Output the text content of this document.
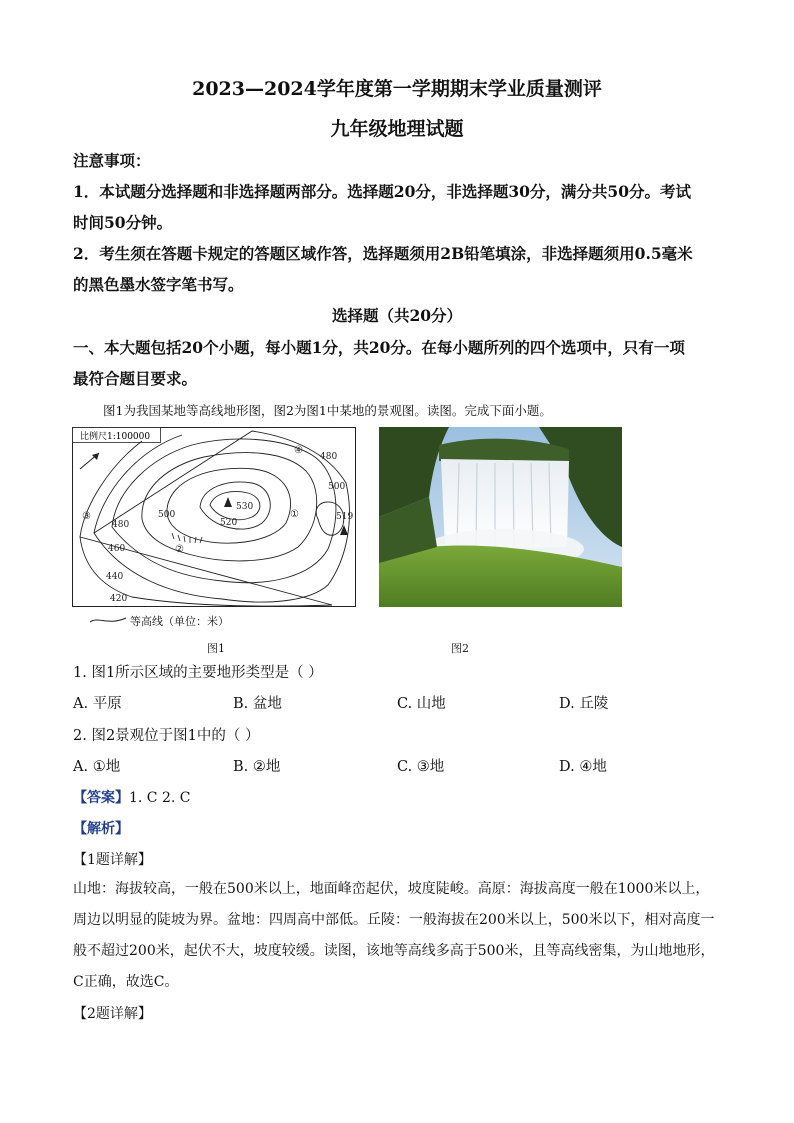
2023—2024学年度第一学期期末学业质量测评
九年级地理试题
注意事项：
1．本试题分选择题和非选择题两部分。选择题20分，非选择题30分，满分共50分。考试
时间50分钟。
2．考生须在答题卡规定的答题区域作答，选择题须用2B铅笔填涂，非选择题须用0.5毫米
的黑色墨水签字笔书写。
选择题（共20分）
一、本大题包括20个小题，每小题1分，共20分。在每小题所列的四个选项中，只有一项
最符合题目要求。
图1为我国某地等高线地形图，图2为图1中某地的景观图。读图。完成下面小题。
比例尺1:100000
530
520
500
500
480
480
460
440
420
519
①
②
③
④
等高线（单位：米）
图1	图2
1. 图1所示区域的主要地形类型是（ ）
A. 平原	B. 盆地	C. 山地	D. 丘陵
2. 图2景观位于图1中的（ ）
A. ①地	B. ②地	C. ③地	D. ④地
【答案】1. C 2. C
【解析】
【1题详解】
山地：海拔较高，一般在500米以上，地面峰峦起伏，坡度陡峻。高原：海拔高度一般在1000米以上，
周边以明显的陡坡为界。盆地：四周高中部低。丘陵：一般海拔在200米以上，500米以下，相对高度一
般不超过200米，起伏不大，坡度较缓。读图，该地等高线多高于500米，且等高线密集，为山地地形，
C正确，故选C。
【2题详解】
